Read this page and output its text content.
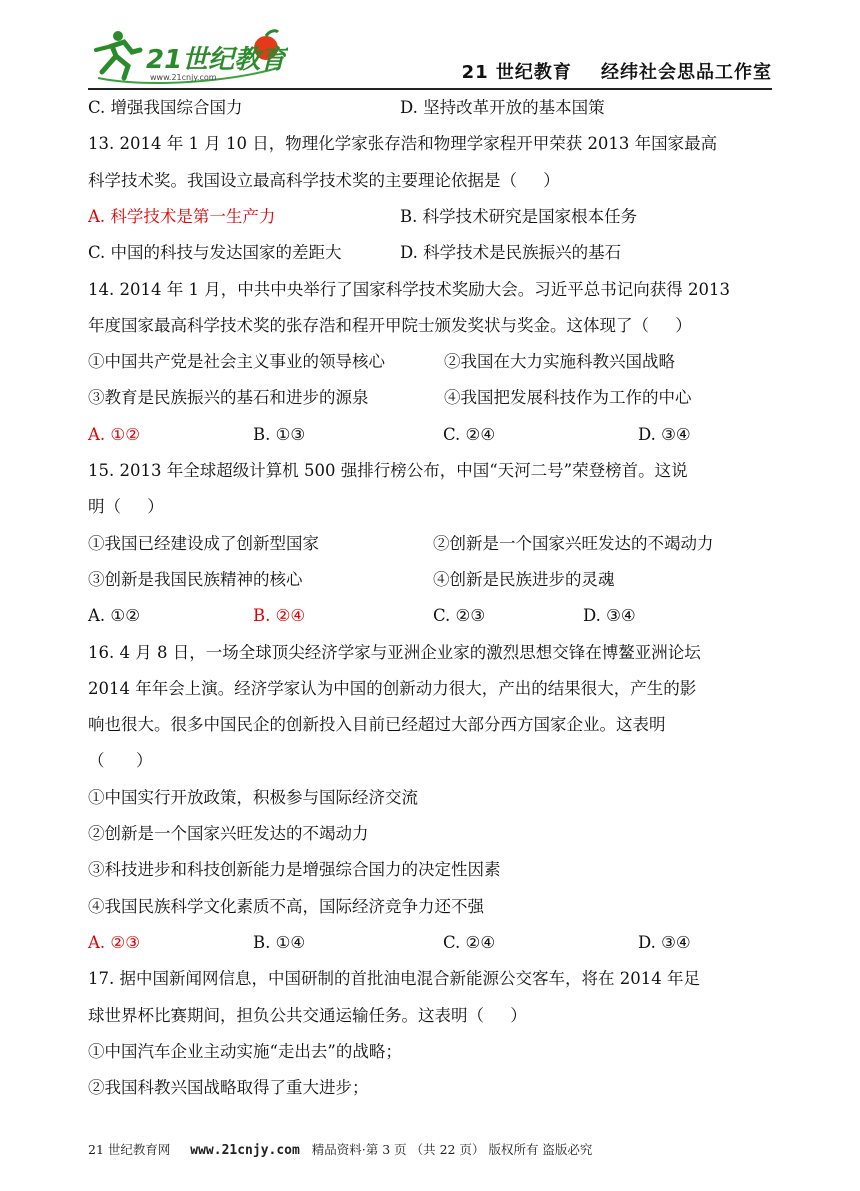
21世纪教育
www.21cnjy.com	21 世纪教育    经纬社会思品工作室
C. 增强我国综合国力	D. 坚持改革开放的基本国策
13. 2014 年 1 月 10 日，物理化学家张存浩和物理学家程开甲荣获 2013 年国家最高
科学技术奖。我国设立最高科学技术奖的主要理论依据是（     ）
A. 科学技术是第一生产力	B. 科学技术研究是国家根本任务
C. 中国的科技与发达国家的差距大	D. 科学技术是民族振兴的基石
14. 2014 年 1 月，中共中央举行了国家科学技术奖励大会。习近平总书记向获得 2013
年度国家最高科学技术奖的张存浩和程开甲院士颁发奖状与奖金。这体现了（     ）
①中国共产党是社会主义事业的领导核心	②我国在大力实施科教兴国战略
③教育是民族振兴的基石和进步的源泉	④我国把发展科技作为工作的中心
A. ①②	B. ①③	C. ②④	D. ③④
15. 2013 年全球超级计算机 500 强排行榜公布，中国“天河二号”荣登榜首。这说
明（     ）
①我国已经建设成了创新型国家	②创新是一个国家兴旺发达的不竭动力
③创新是我国民族精神的核心	④创新是民族进步的灵魂
A. ①②	B. ②④	C. ②③	D. ③④
16. 4 月 8 日，一场全球顶尖经济学家与亚洲企业家的激烈思想交锋在博鳌亚洲论坛
2014 年年会上演。经济学家认为中国的创新动力很大，产出的结果很大，产生的影
响也很大。很多中国民企的创新投入目前已经超过大部分西方国家企业。这表明
（      ）
①中国实行开放政策，积极参与国际经济交流
②创新是一个国家兴旺发达的不竭动力
③科技进步和科技创新能力是增强综合国力的决定性因素
④我国民族科学文化素质不高，国际经济竞争力还不强
A. ②③	B. ①④	C. ②④	D. ③④
17. 据中国新闻网信息，中国研制的首批油电混合新能源公交客车，将在 2014 年足
球世界杯比赛期间，担负公共交通运输任务。这表明（     ）
①中国汽车企业主动实施“走出去”的战略；
②我国科教兴国战略取得了重大进步；
21 世纪教育网 www.21cnjy.com 精品资料·第 3 页 （共 22 页） 版权所有 盗版必究
